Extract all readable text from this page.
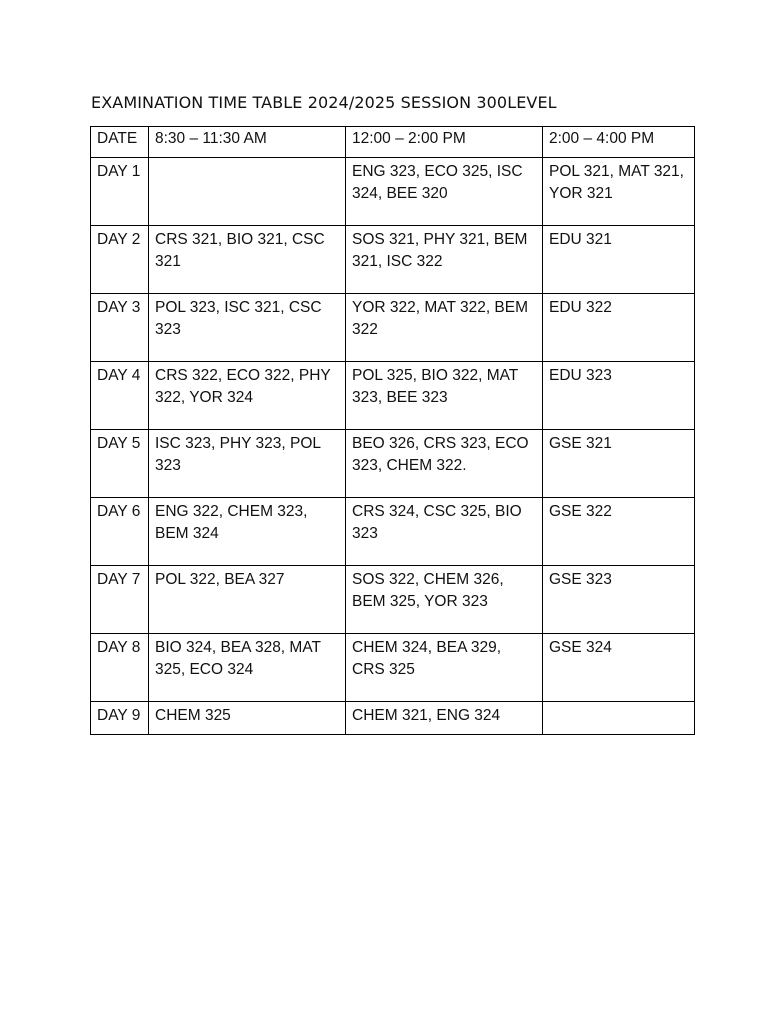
EXAMINATION TIME TABLE 2024/2025 SESSION 300LEVEL
DATE	8:30 – 11:30 AM	12:00 – 2:00 PM	2:00 – 4:00 PM
DAY 1		ENG 323, ECO 325, ISC 324, BEE 320	POL 321, MAT 321, YOR 321
DAY 2	CRS 321, BIO 321, CSC 321	SOS 321, PHY 321, BEM 321, ISC 322	EDU 321
DAY 3	POL 323, ISC 321, CSC 323	YOR 322, MAT 322, BEM 322	EDU 322
DAY 4	CRS 322, ECO 322, PHY 322, YOR 324	POL 325, BIO 322, MAT 323, BEE 323	EDU 323
DAY 5	ISC 323, PHY 323, POL 323	BEO 326, CRS 323, ECO 323, CHEM 322.	GSE 321
DAY 6	ENG 322, CHEM 323, BEM 324	CRS 324, CSC 325, BIO 323	GSE 322
DAY 7	POL 322, BEA 327	SOS 322, CHEM 326, BEM 325, YOR 323	GSE 323
DAY 8	BIO 324, BEA 328, MAT 325, ECO 324	CHEM 324, BEA 329, CRS 325	GSE 324
DAY 9	CHEM 325	CHEM 321, ENG 324	
